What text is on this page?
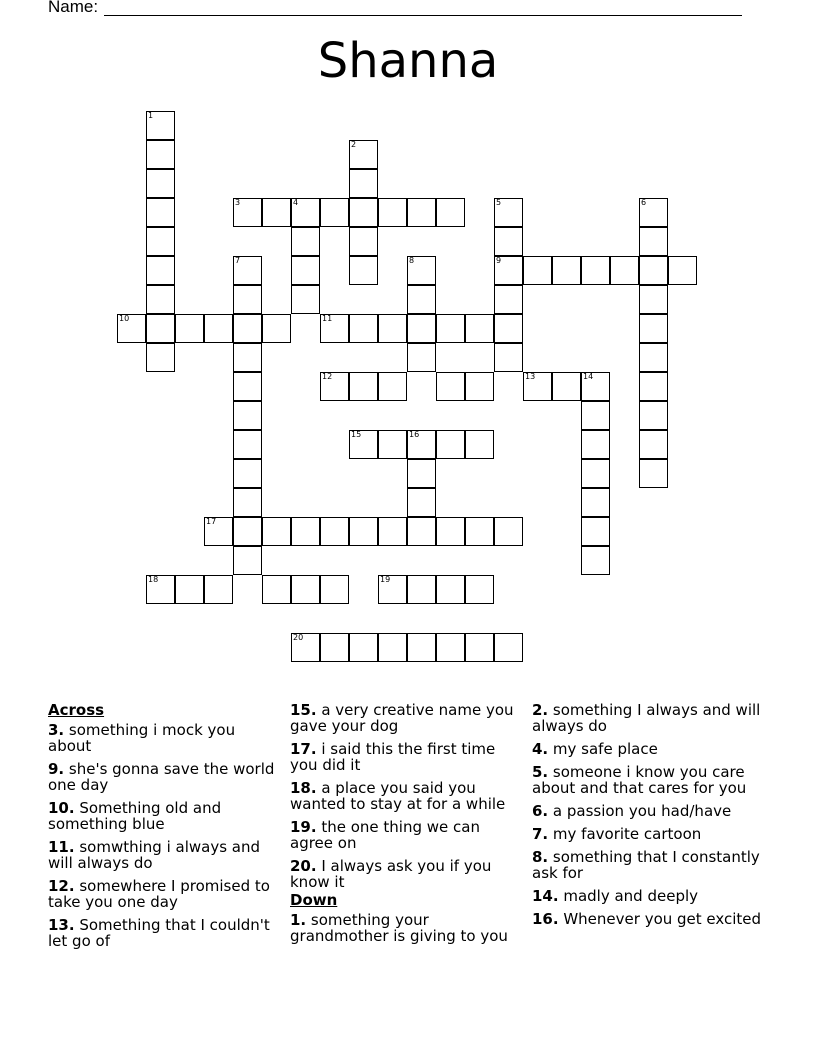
Name:
Shanna
1
10
2
3	4
7
11
8
5
9
6
12	13	14
15	16
17
18	19
20
Across
3. something i mock you about
9. she's gonna save the world one day
10. Something old and something blue
11. somwthing i always and will always do
12. somewhere I promised to take you one day
13. Something that I couldn't let go of
15. a very creative name you gave your dog
17. i said this the first time you did it
18. a place you said you wanted to stay at for a while
19. the one thing we can agree on
20. I always ask you if you know it
Down
1. something your grandmother is giving to you
2. something I always and will always do
4. my safe place
5. someone i know you care about and that cares for you
6. a passion you had/have
7. my favorite cartoon
8. something that I constantly ask for
14. madly and deeply
16. Whenever you get excited
